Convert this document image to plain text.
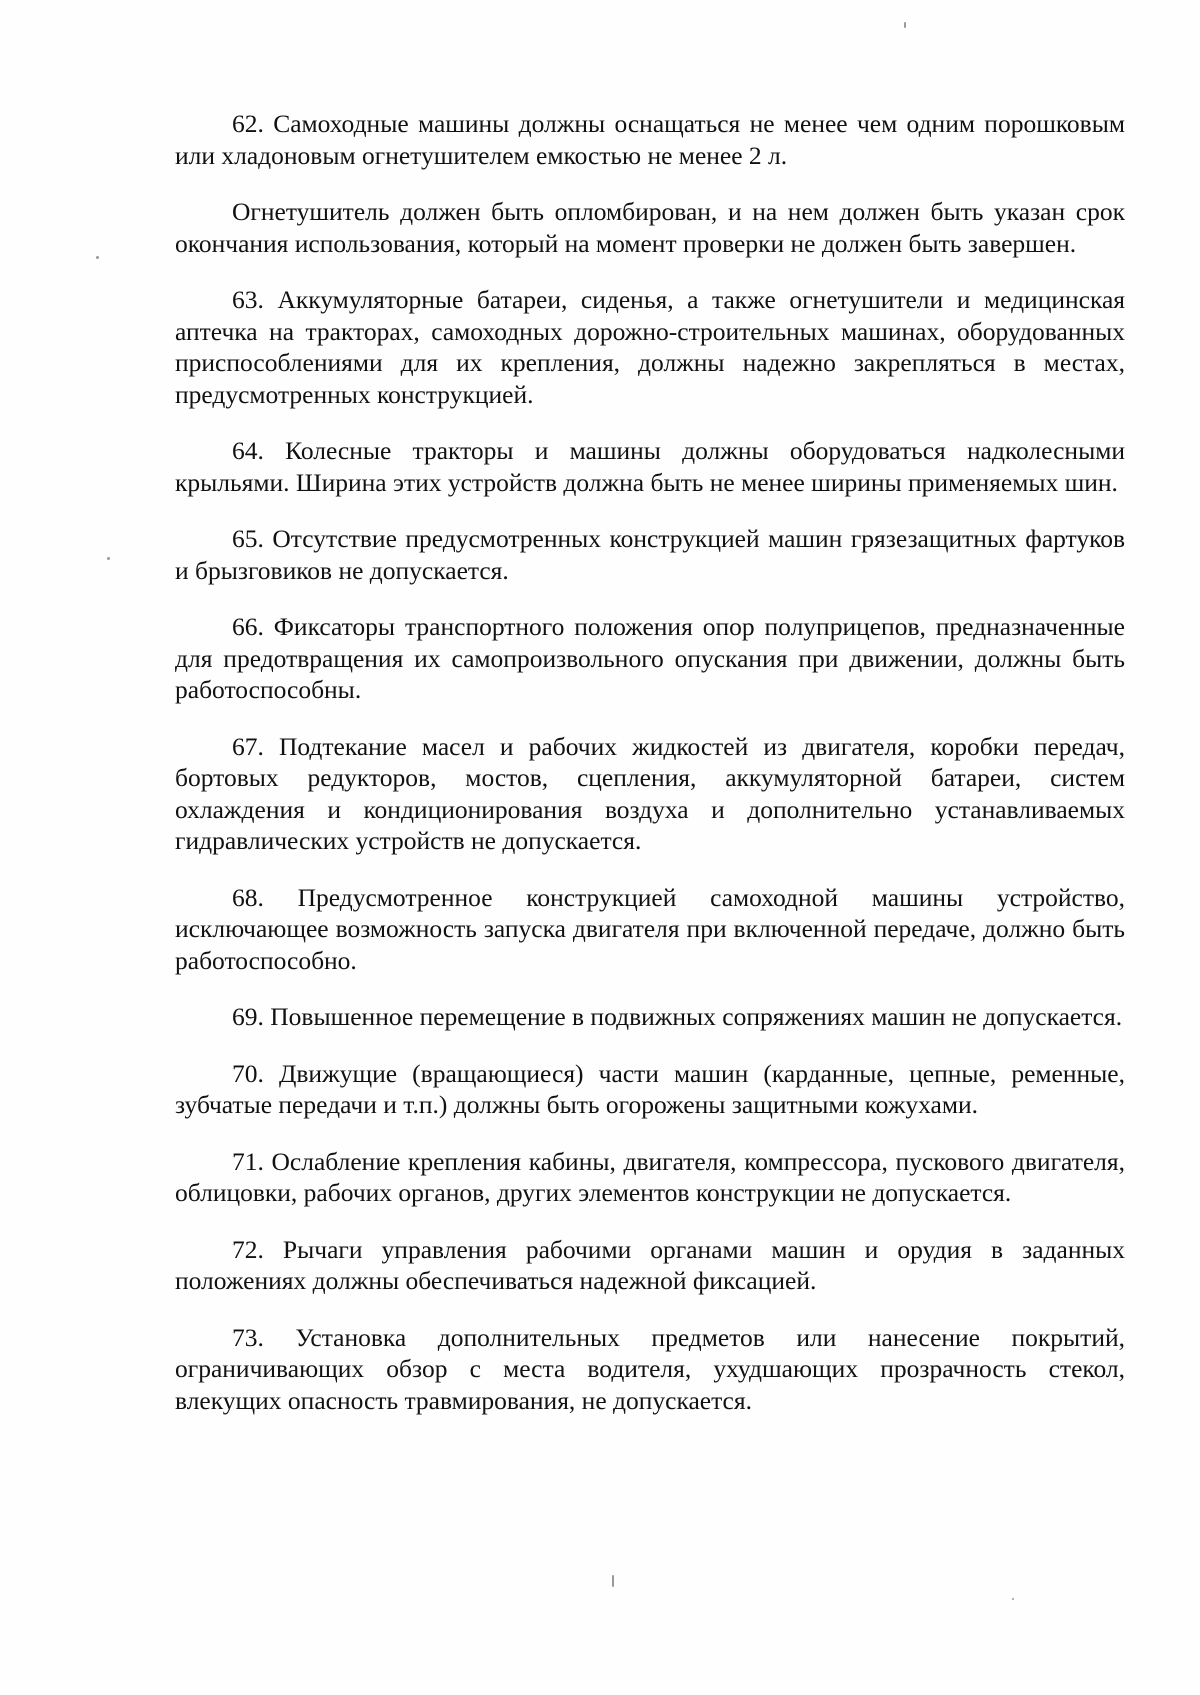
62. Самоходные машины должны оснащаться не менее чем одним порошковым или хладоновым огнетушителем емкостью не менее 2 л.

Огнетушитель должен быть опломбирован, и на нем должен быть указан срок окончания использования, который на момент проверки не должен быть завершен.

63. Аккумуляторные батареи, сиденья, а также огнетушители и медицинская аптечка на тракторах, самоходных дорожно-строительных машинах, оборудованных приспособлениями для их крепления, должны надежно закрепляться в местах, предусмотренных конструкцией.

64. Колесные тракторы и машины должны оборудоваться надколесными крыльями. Ширина этих устройств должна быть не менее ширины применяемых шин.

65. Отсутствие предусмотренных конструкцией машин грязезащитных фартуков и брызговиков не допускается.

66. Фиксаторы транспортного положения опор полуприцепов, предназначенные для предотвращения их самопроизвольного опускания при движении, должны быть работоспособны.

67. Подтекание масел и рабочих жидкостей из двигателя, коробки передач, бортовых редукторов, мостов, сцепления, аккумуляторной батареи, систем охлаждения и кондиционирования воздуха и дополнительно устанавливаемых гидравлических устройств не допускается.

68. Предусмотренное конструкцией самоходной машины устройство, исключающее возможность запуска двигателя при включенной передаче, должно быть работоспособно.

69. Повышенное перемещение в подвижных сопряжениях машин не допускается.

70. Движущие (вращающиеся) части машин (карданные, цепные, ременные, зубчатые передачи и т.п.) должны быть огорожены защитными кожухами.

71. Ослабление крепления кабины, двигателя, компрессора, пускового двигателя, облицовки, рабочих органов, других элементов конструкции не допускается.

72. Рычаги управления рабочими органами машин и орудия в заданных положениях должны обеспечиваться надежной фиксацией.

73. Установка дополнительных предметов или нанесение покрытий, ограничивающих обзор с места водителя, ухудшающих прозрачность стекол, влекущих опасность травмирования, не допускается.
